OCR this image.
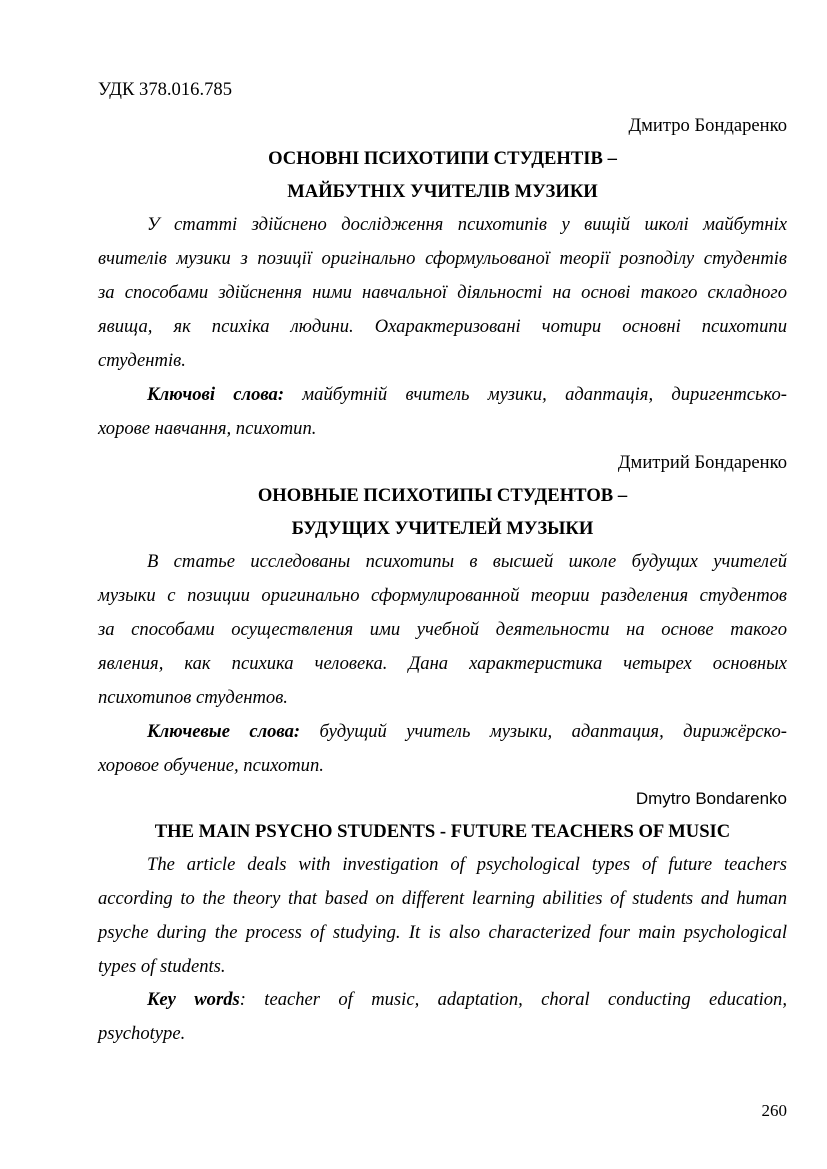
УДК 378.016.785
Дмитро Бондаренко
ОСНОВНІ ПСИХОТИПИ СТУДЕНТІВ –
МАЙБУТНІХ УЧИТЕЛІВ МУЗИКИ
У статті здійснено дослідження психотипів у вищій школі майбутніх
вчителів музики з позиції оригінально сформульованої теорії розподілу студентів
за способами здійснення ними навчальної діяльності на основі такого складного
явища, як психіка людини. Охарактеризовані чотири основні психотипи
студентів.
Ключові слова: майбутній вчитель музики, адаптація, диригентсько-
хорове навчання, психотип.
Дмитрий Бондаренко
ОНОВНЫЕ ПСИХОТИПЫ СТУДЕНТОВ –
БУДУЩИХ УЧИТЕЛЕЙ МУЗЫКИ
В статье исследованы психотипы в высшей школе будущих учителей
музыки с позиции оригинально сформулированной теории разделения студентов
за способами осуществления ими учебной деятельности на основе такого
явления, как психика человека. Дана характеристика четырех основных
психотипов студентов.
Ключевые слова: будущий учитель музыки, адаптация, дирижёрско-
хоровое обучение, психотип.
Dmytro Bondarenko
THE MAIN PSYCHO STUDENTS - FUTURE TEACHERS OF MUSIC
The article deals with investigation of psychological types of future teachers
according to the theory that based on different learning abilities of students and human
psyche during the process of studying. It is also characterized four main psychological
types of students.
Key words: teacher of music, adaptation, choral conducting education,
psychotype.
260
